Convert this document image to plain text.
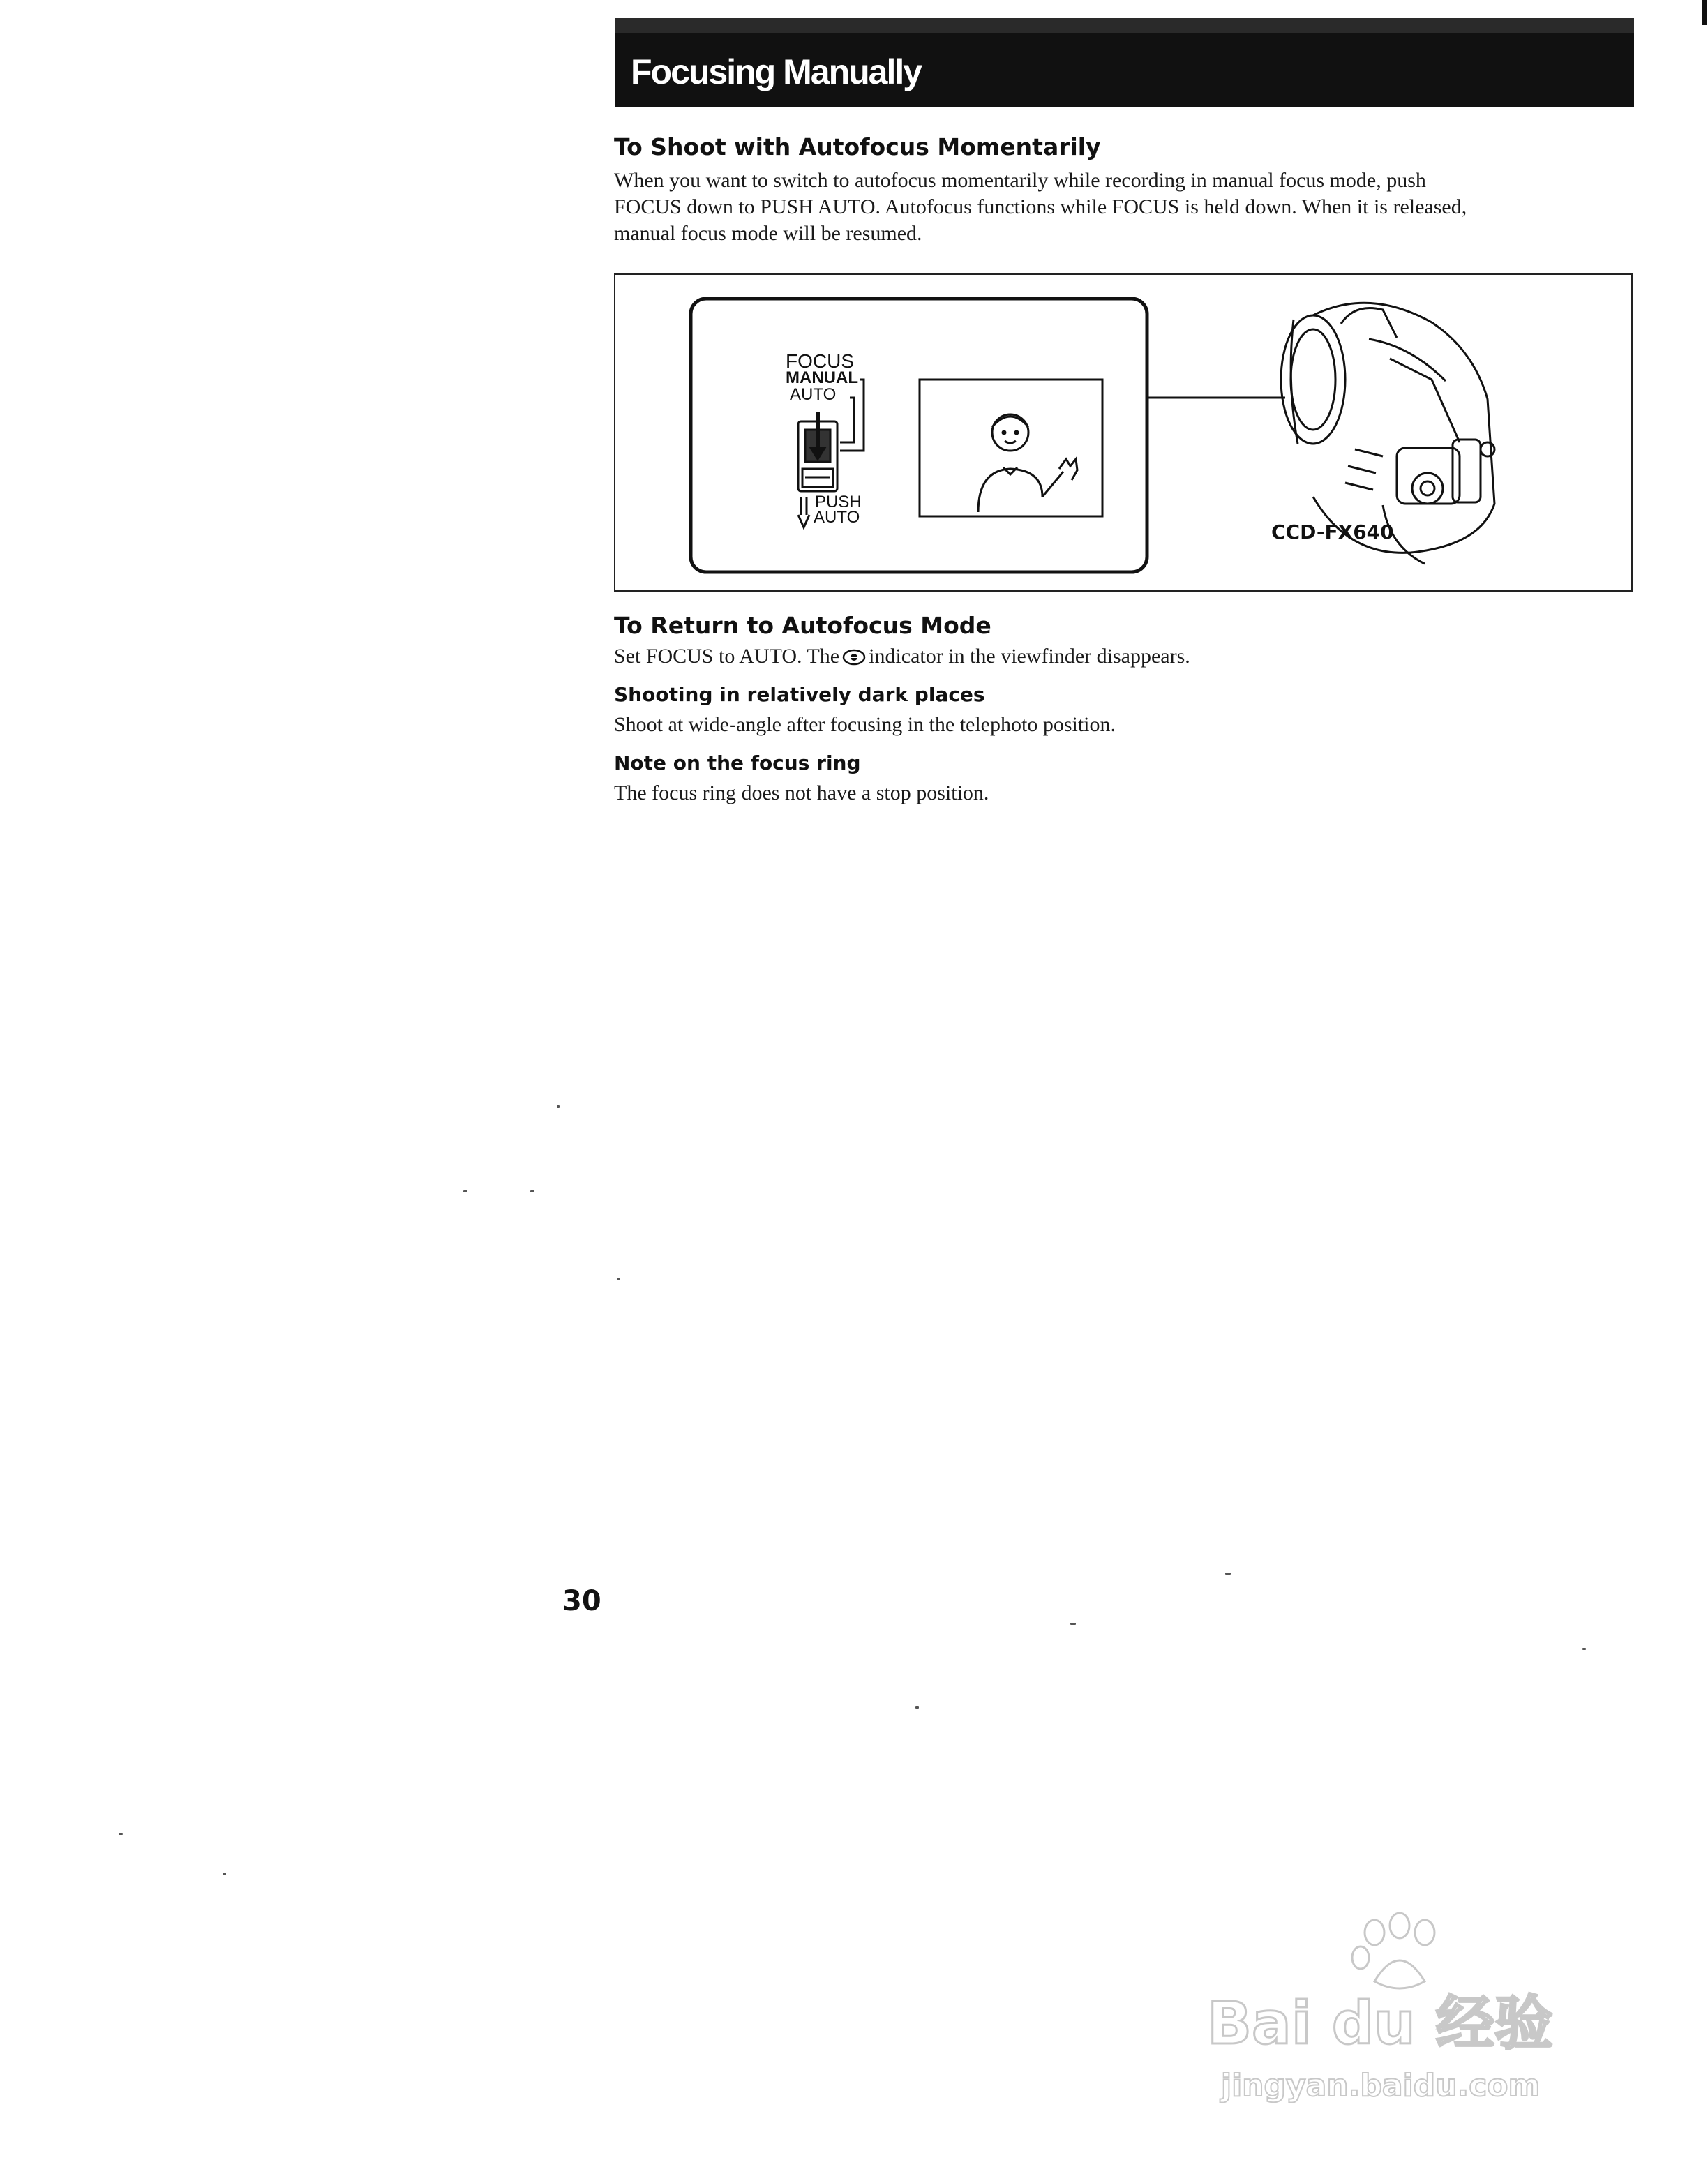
Focusing Manually
To Shoot with Autofocus Momentarily
When you want to switch to autofocus momentarily while recording in manual focus mode, push
FOCUS down to PUSH AUTO. Autofocus functions while FOCUS is held down. When it is released,
manual focus mode will be resumed.
FOCUS
MANUAL
AUTO
PUSH
AUTO
CCD-FX640
To Return to Autofocus Mode
Set FOCUS to AUTO. The indicator in the viewfinder disappears.
Shooting in relatively dark places
Shoot at wide-angle after focusing in the telephoto position.
Note on the focus ring
The focus ring does not have a stop position.
30
Bai du 经验
jingyan.baidu.com
